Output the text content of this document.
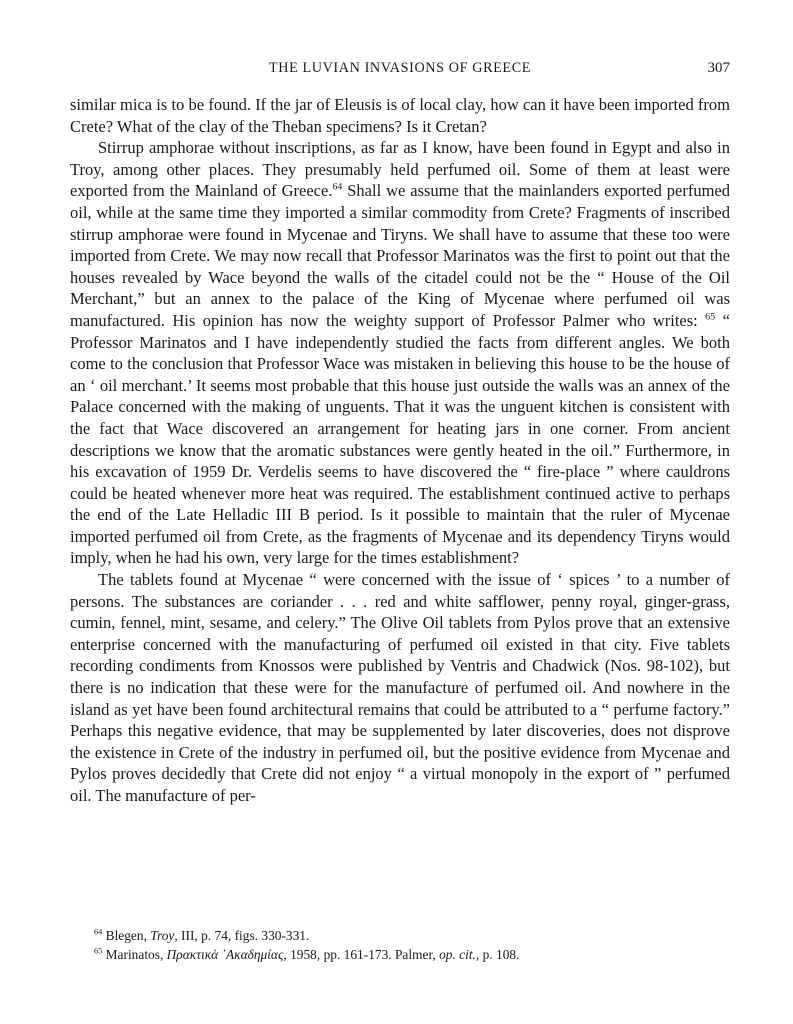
THE LUVIAN INVASIONS OF GREECE	307

similar mica is to be found. If the jar of Eleusis is of local clay, how can it have been imported from Crete? What of the clay of the Theban specimens? Is it Cretan?

Stirrup amphorae without inscriptions, as far as I know, have been found in Egypt and also in Troy, among other places. They presumably held perfumed oil. Some of them at least were exported from the Mainland of Greece.$^{64}$ Shall we assume that the mainlanders exported perfumed oil, while at the same time they imported a similar commodity from Crete? Fragments of inscribed stirrup amphorae were found in Mycenae and Tiryns. We shall have to assume that these too were imported from Crete. We may now recall that Professor Marinatos was the first to point out that the houses revealed by Wace beyond the walls of the citadel could not be the “ House of the Oil Merchant,” but an annex to the palace of the King of Mycenae where perfumed oil was manufactured. His opinion has now the weighty support of Professor Palmer who writes: $^{65}$ “ Professor Marinatos and I have independently studied the facts from different angles. We both come to the conclusion that Professor Wace was mistaken in believing this house to be the house of an ‘ oil merchant.’ It seems most probable that this house just outside the walls was an annex of the Palace concerned with the making of unguents. That it was the unguent kitchen is consistent with the fact that Wace discovered an arrangement for heating jars in one corner. From ancient descriptions we know that the aromatic substances were gently heated in the oil.” Furthermore, in his excavation of 1959 Dr. Verdelis seems to have discovered the “ fire-place ” where cauldrons could be heated whenever more heat was required. The establishment continued active to perhaps the end of the Late Helladic III B period. Is it possible to maintain that the ruler of Mycenae imported perfumed oil from Crete, as the fragments of Mycenae and its dependency Tiryns would imply, when he had his own, very large for the times establishment?

The tablets found at Mycenae “ were concerned with the issue of ‘ spices ’ to a number of persons. The substances are coriander . . . red and white safflower, penny royal, ginger-grass, cumin, fennel, mint, sesame, and celery.” The Olive Oil tablets from Pylos prove that an extensive enterprise concerned with the manufacturing of perfumed oil existed in that city. Five tablets recording condiments from Knossos were published by Ventris and Chadwick (Nos. 98-102), but there is no indication that these were for the manufacture of perfumed oil. And nowhere in the island as yet have been found architectural remains that could be attributed to a “ perfume factory.” Perhaps this negative evidence, that may be supplemented by later discoveries, does not disprove the existence in Crete of the industry in perfumed oil, but the positive evidence from Mycenae and Pylos proves decidedly that Crete did not enjoy “ a virtual monopoly in the export of ” perfumed oil. The manufacture of per-

$^{64}$ Blegen, Troy, III, p. 74, figs. 330-331.

$^{65}$ Marinatos, Πρακτικὰ ᾿Ακαδημίας, 1958, pp. 161-173. Palmer, op. cit., p. 108.
